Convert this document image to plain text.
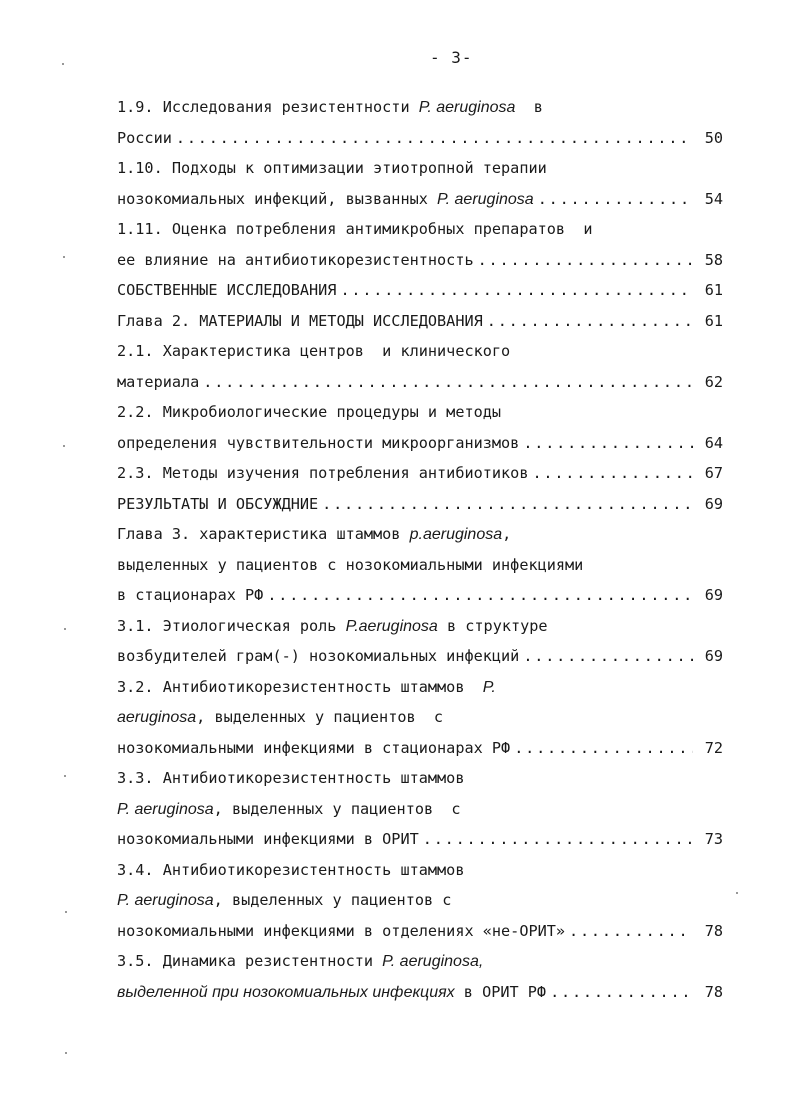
- 3-
1.9. Исследования резистентности P. aeruginosa  в
России .....	50
1.10. Подходы к оптимизации этиотропной терапии
нозокомиальных инфекций, вызванных P. aeruginosa .....	54
1.11. Оценка потребления антимикробных препаратов  и
ее влияние на антибиотикорезистентность .....	58
СОБСТВЕННЫЕ ИССЛЕДОВАНИЯ .....	61
Глава 2. МАТЕРИАЛЫ И МЕТОДЫ ИССЛЕДОВАНИЯ .....	61
2.1. Характеристика центров  и клинического
материала .....	62
2.2. Микробиологические процедуры и методы
определения чувствительности микроорганизмов .....	64
2.3. Методы изучения потребления антибиотиков .....	67
РЕЗУЛЬТАТЫ И ОБСУЖДНИЕ .....	69
Глава 3. характеристика штаммов p.aeruginosa,
выделенных у пациентов с нозокомиальными инфекциями
в стационарах РФ .....	69
3.1. Этиологическая роль P.aeruginosa в структуре
возбудителей грам(-) нозокомиальных инфекций .....	69
3.2. Антибиотикорезистентность штаммов  P.
aeruginosa, выделенных у пациентов  с
нозокомиальными инфекциями в стационарах РФ .....	72
3.3. Антибиотикорезистентность штаммов
P. aeruginosa, выделенных у пациентов  с
нозокомиальными инфекциями в ОРИТ .....	73
3.4. Антибиотикорезистентность штаммов
P. aeruginosa, выделенных у пациентов с
нозокомиальными инфекциями в отделениях «не-ОРИТ» .....	78
3.5. Динамика резистентности P. aeruginosa,
выделенной при нозокомиальных инфекциях в ОРИТ РФ .....	78
